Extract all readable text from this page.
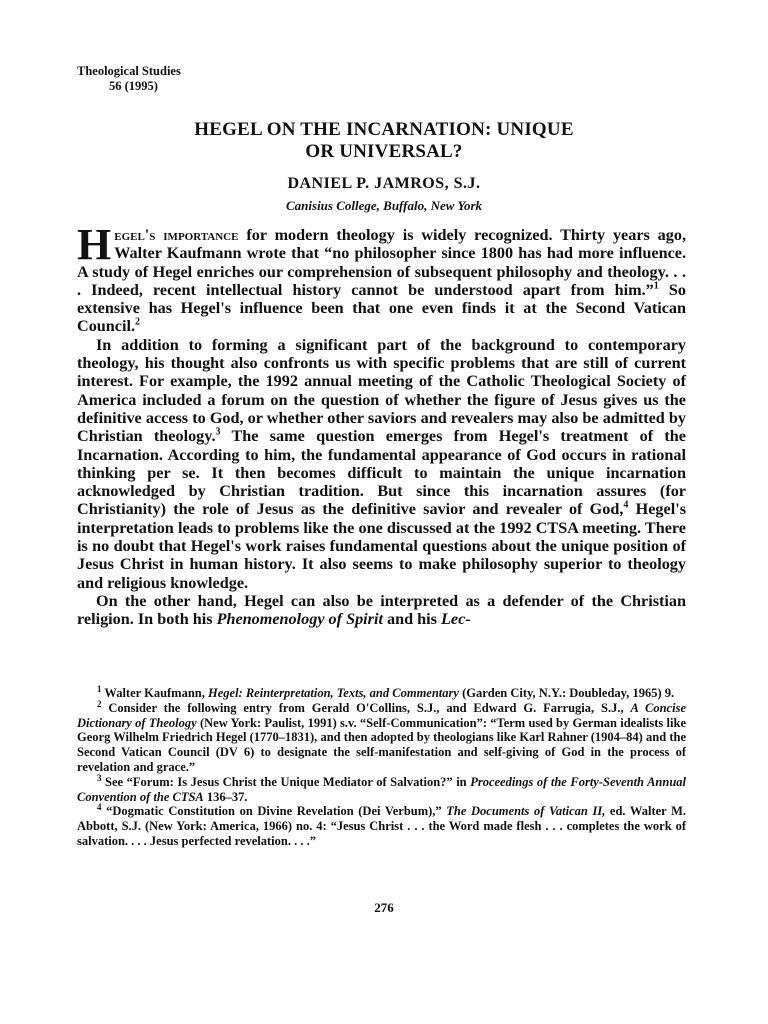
Theological Studies
56 (1995)
HEGEL ON THE INCARNATION: UNIQUE
OR UNIVERSAL?
DANIEL P. JAMROS, S.J.
Canisius College, Buffalo, New York

Hegel's importance for modern theology is widely recognized. Thirty years ago, Walter Kaufmann wrote that “no philosopher since 1800 has had more influence. A study of Hegel enriches our comprehension of subsequent philosophy and theology. . . . Indeed, recent intellectual history cannot be understood apart from him.”$^1$ So extensive has Hegel's influence been that one even finds it at the Second Vatican Council.$^2$

In addition to forming a significant part of the background to contemporary theology, his thought also confronts us with specific problems that are still of current interest. For example, the 1992 annual meeting of the Catholic Theological Society of America included a forum on the question of whether the figure of Jesus gives us the definitive access to God, or whether other saviors and revealers may also be admitted by Christian theology.$^3$ The same question emerges from Hegel's treatment of the Incarnation. According to him, the fundamental appearance of God occurs in rational thinking per se. It then becomes difficult to maintain the unique incarnation acknowledged by Christian tradition. But since this incarnation assures (for Christianity) the role of Jesus as the definitive savior and revealer of God,$^4$ Hegel's interpretation leads to problems like the one discussed at the 1992 CTSA meeting. There is no doubt that Hegel's work raises fundamental questions about the unique position of Jesus Christ in human history. It also seems to make philosophy superior to theology and religious knowledge.

On the other hand, Hegel can also be interpreted as a defender of the Christian religion. In both his Phenomenology of Spirit and his Lec-

$^1$ Walter Kaufmann, Hegel: Reinterpretation, Texts, and Commentary (Garden City, N.Y.: Doubleday, 1965) 9.

$^2$ Consider the following entry from Gerald O'Collins, S.J., and Edward G. Farrugia, S.J., A Concise Dictionary of Theology (New York: Paulist, 1991) s.v. “Self-Communication”: “Term used by German idealists like Georg Wilhelm Friedrich Hegel (1770–1831), and then adopted by theologians like Karl Rahner (1904–84) and the Second Vatican Council (DV 6) to designate the self-manifestation and self-giving of God in the process of revelation and grace.”

$^3$ See “Forum: Is Jesus Christ the Unique Mediator of Salvation?” in Proceedings of the Forty-Seventh Annual Convention of the CTSA 136–37.

$^4$ “Dogmatic Constitution on Divine Revelation (Dei Verbum),” The Documents of Vatican II, ed. Walter M. Abbott, S.J. (New York: America, 1966) no. 4: “Jesus Christ . . . the Word made flesh . . . completes the work of salvation. . . . Jesus perfected revelation. . . .”

276
